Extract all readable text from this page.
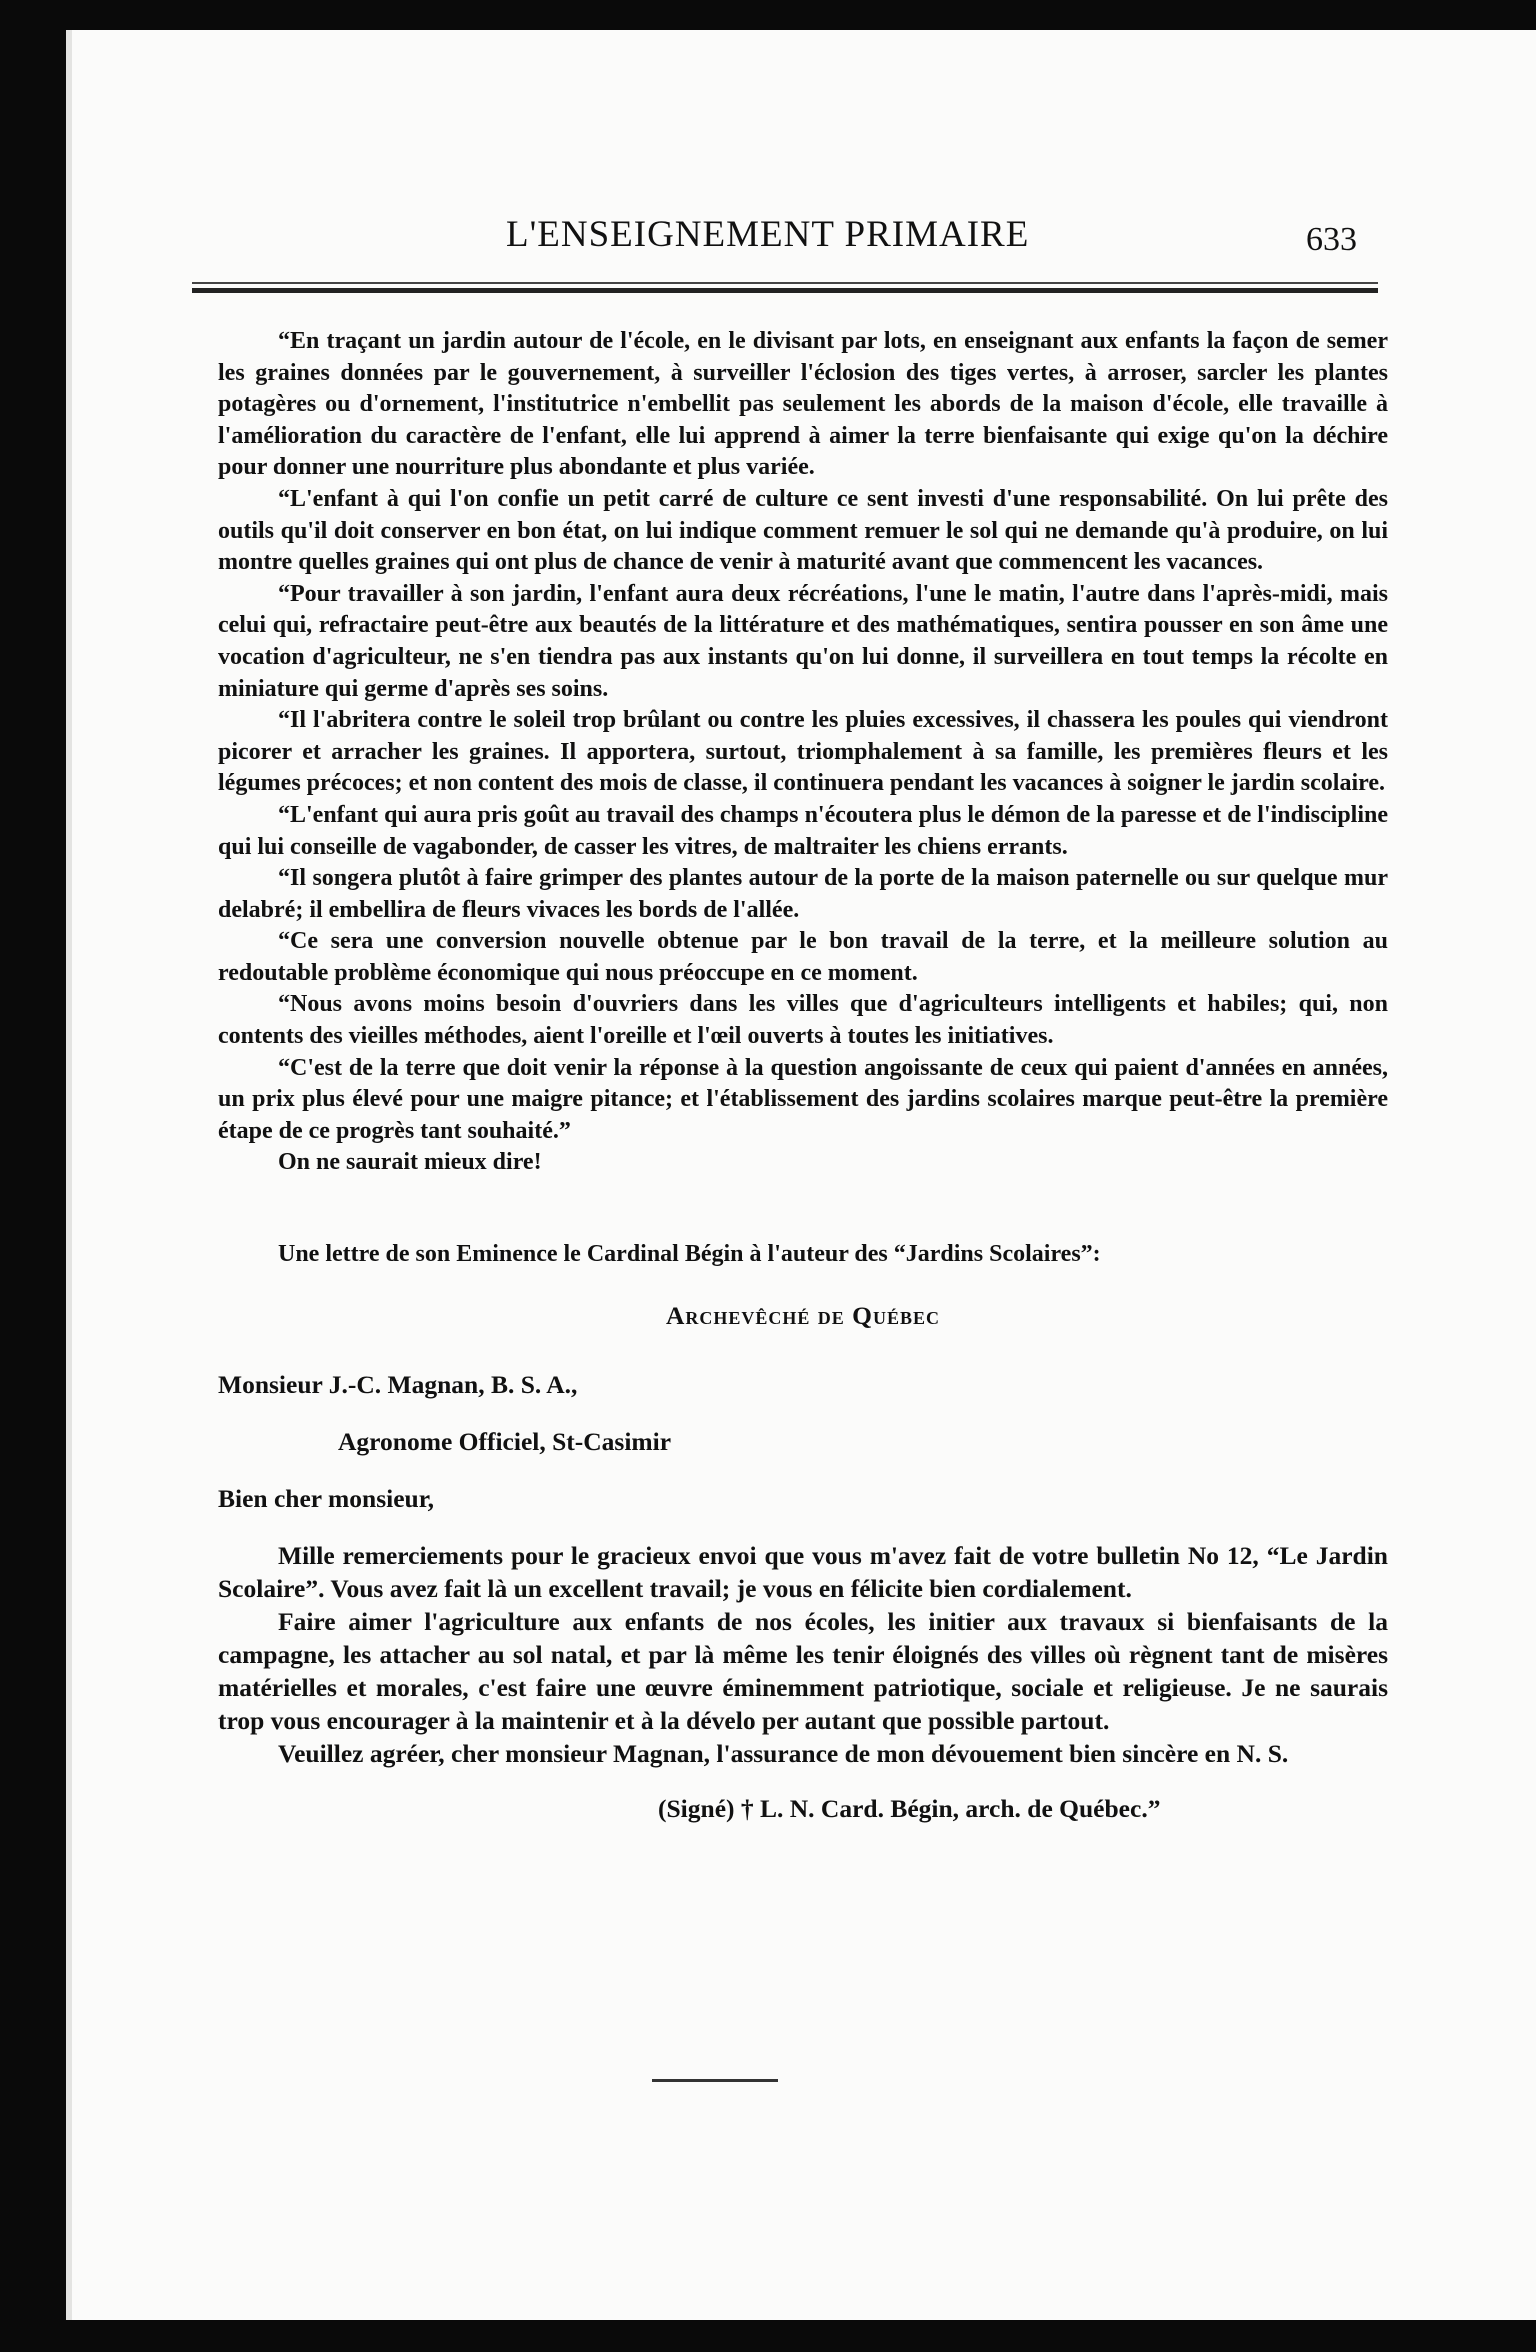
L'ENSEIGNEMENT PRIMAIRE	633

“En traçant un jardin autour de l'école, en le divisant par lots, en enseignant aux enfants la façon de semer les graines données par le gouvernement, à surveiller l'éclosion des tiges vertes, à arroser, sarcler les plantes potagères ou d'ornement, l'institutrice n'embellit pas seulement les abords de la maison d'école, elle travaille à l'amélioration du caractère de l'enfant, elle lui apprend à aimer la terre bienfaisante qui exige qu'on la déchire pour donner une nourriture plus abondante et plus variée.

“L'enfant à qui l'on confie un petit carré de culture ce sent investi d'une responsabilité. On lui prête des outils qu'il doit conserver en bon état, on lui indique comment remuer le sol qui ne demande qu'à produire, on lui montre quelles graines qui ont plus de chance de venir à maturité avant que commencent les vacances.

“Pour travailler à son jardin, l'enfant aura deux récréations, l'une le matin, l'autre dans l'après-midi, mais celui qui, refractaire peut-être aux beautés de la littérature et des mathématiques, sentira pousser en son âme une vocation d'agriculteur, ne s'en tiendra pas aux instants qu'on lui donne, il surveillera en tout temps la récolte en miniature qui germe d'après ses soins.

“Il l'abritera contre le soleil trop brûlant ou contre les pluies excessives, il chassera les poules qui viendront picorer et arracher les graines. Il apportera, surtout, triomphalement à sa famille, les premières fleurs et les légumes précoces; et non content des mois de classe, il continuera pendant les vacances à soigner le jardin scolaire.

“L'enfant qui aura pris goût au travail des champs n'écoutera plus le démon de la paresse et de l'indiscipline qui lui conseille de vagabonder, de casser les vitres, de maltraiter les chiens errants.

“Il songera plutôt à faire grimper des plantes autour de la porte de la maison paternelle ou sur quelque mur delabré; il embellira de fleurs vivaces les bords de l'allée.

“Ce sera une conversion nouvelle obtenue par le bon travail de la terre, et la meilleure solution au redoutable problème économique qui nous préoccupe en ce moment.

“Nous avons moins besoin d'ouvriers dans les villes que d'agriculteurs intelligents et habiles; qui, non contents des vieilles méthodes, aient l'oreille et l'œil ouverts à toutes les initiatives.

“C'est de la terre que doit venir la réponse à la question angoissante de ceux qui paient d'années en années, un prix plus élevé pour une maigre pitance; et l'établissement des jardins scolaires marque peut-être la première étape de ce progrès tant souhaité.”

On ne saurait mieux dire!

Une lettre de son Eminence le Cardinal Bégin à l'auteur des “Jardins Scolaires”:

Archevêché de Québec

Monsieur J.-C. Magnan, B. S. A.,

Agronome Officiel, St-Casimir

Bien cher monsieur,

Mille remerciements pour le gracieux envoi que vous m'avez fait de votre bulletin No 12, “Le Jardin Scolaire”. Vous avez fait là un excellent travail; je vous en félicite bien cordialement.

Faire aimer l'agriculture aux enfants de nos écoles, les initier aux travaux si bienfaisants de la campagne, les attacher au sol natal, et par là même les tenir éloignés des villes où règnent tant de misères matérielles et morales, c'est faire une œuvre éminemment patriotique, sociale et religieuse. Je ne saurais trop vous encourager à la maintenir et à la dévelo per autant que possible partout.

Veuillez agréer, cher monsieur Magnan, l'assurance de mon dévouement bien sincère en N. S.

(Signé) † L. N. Card. Bégin, arch. de Québec.”
